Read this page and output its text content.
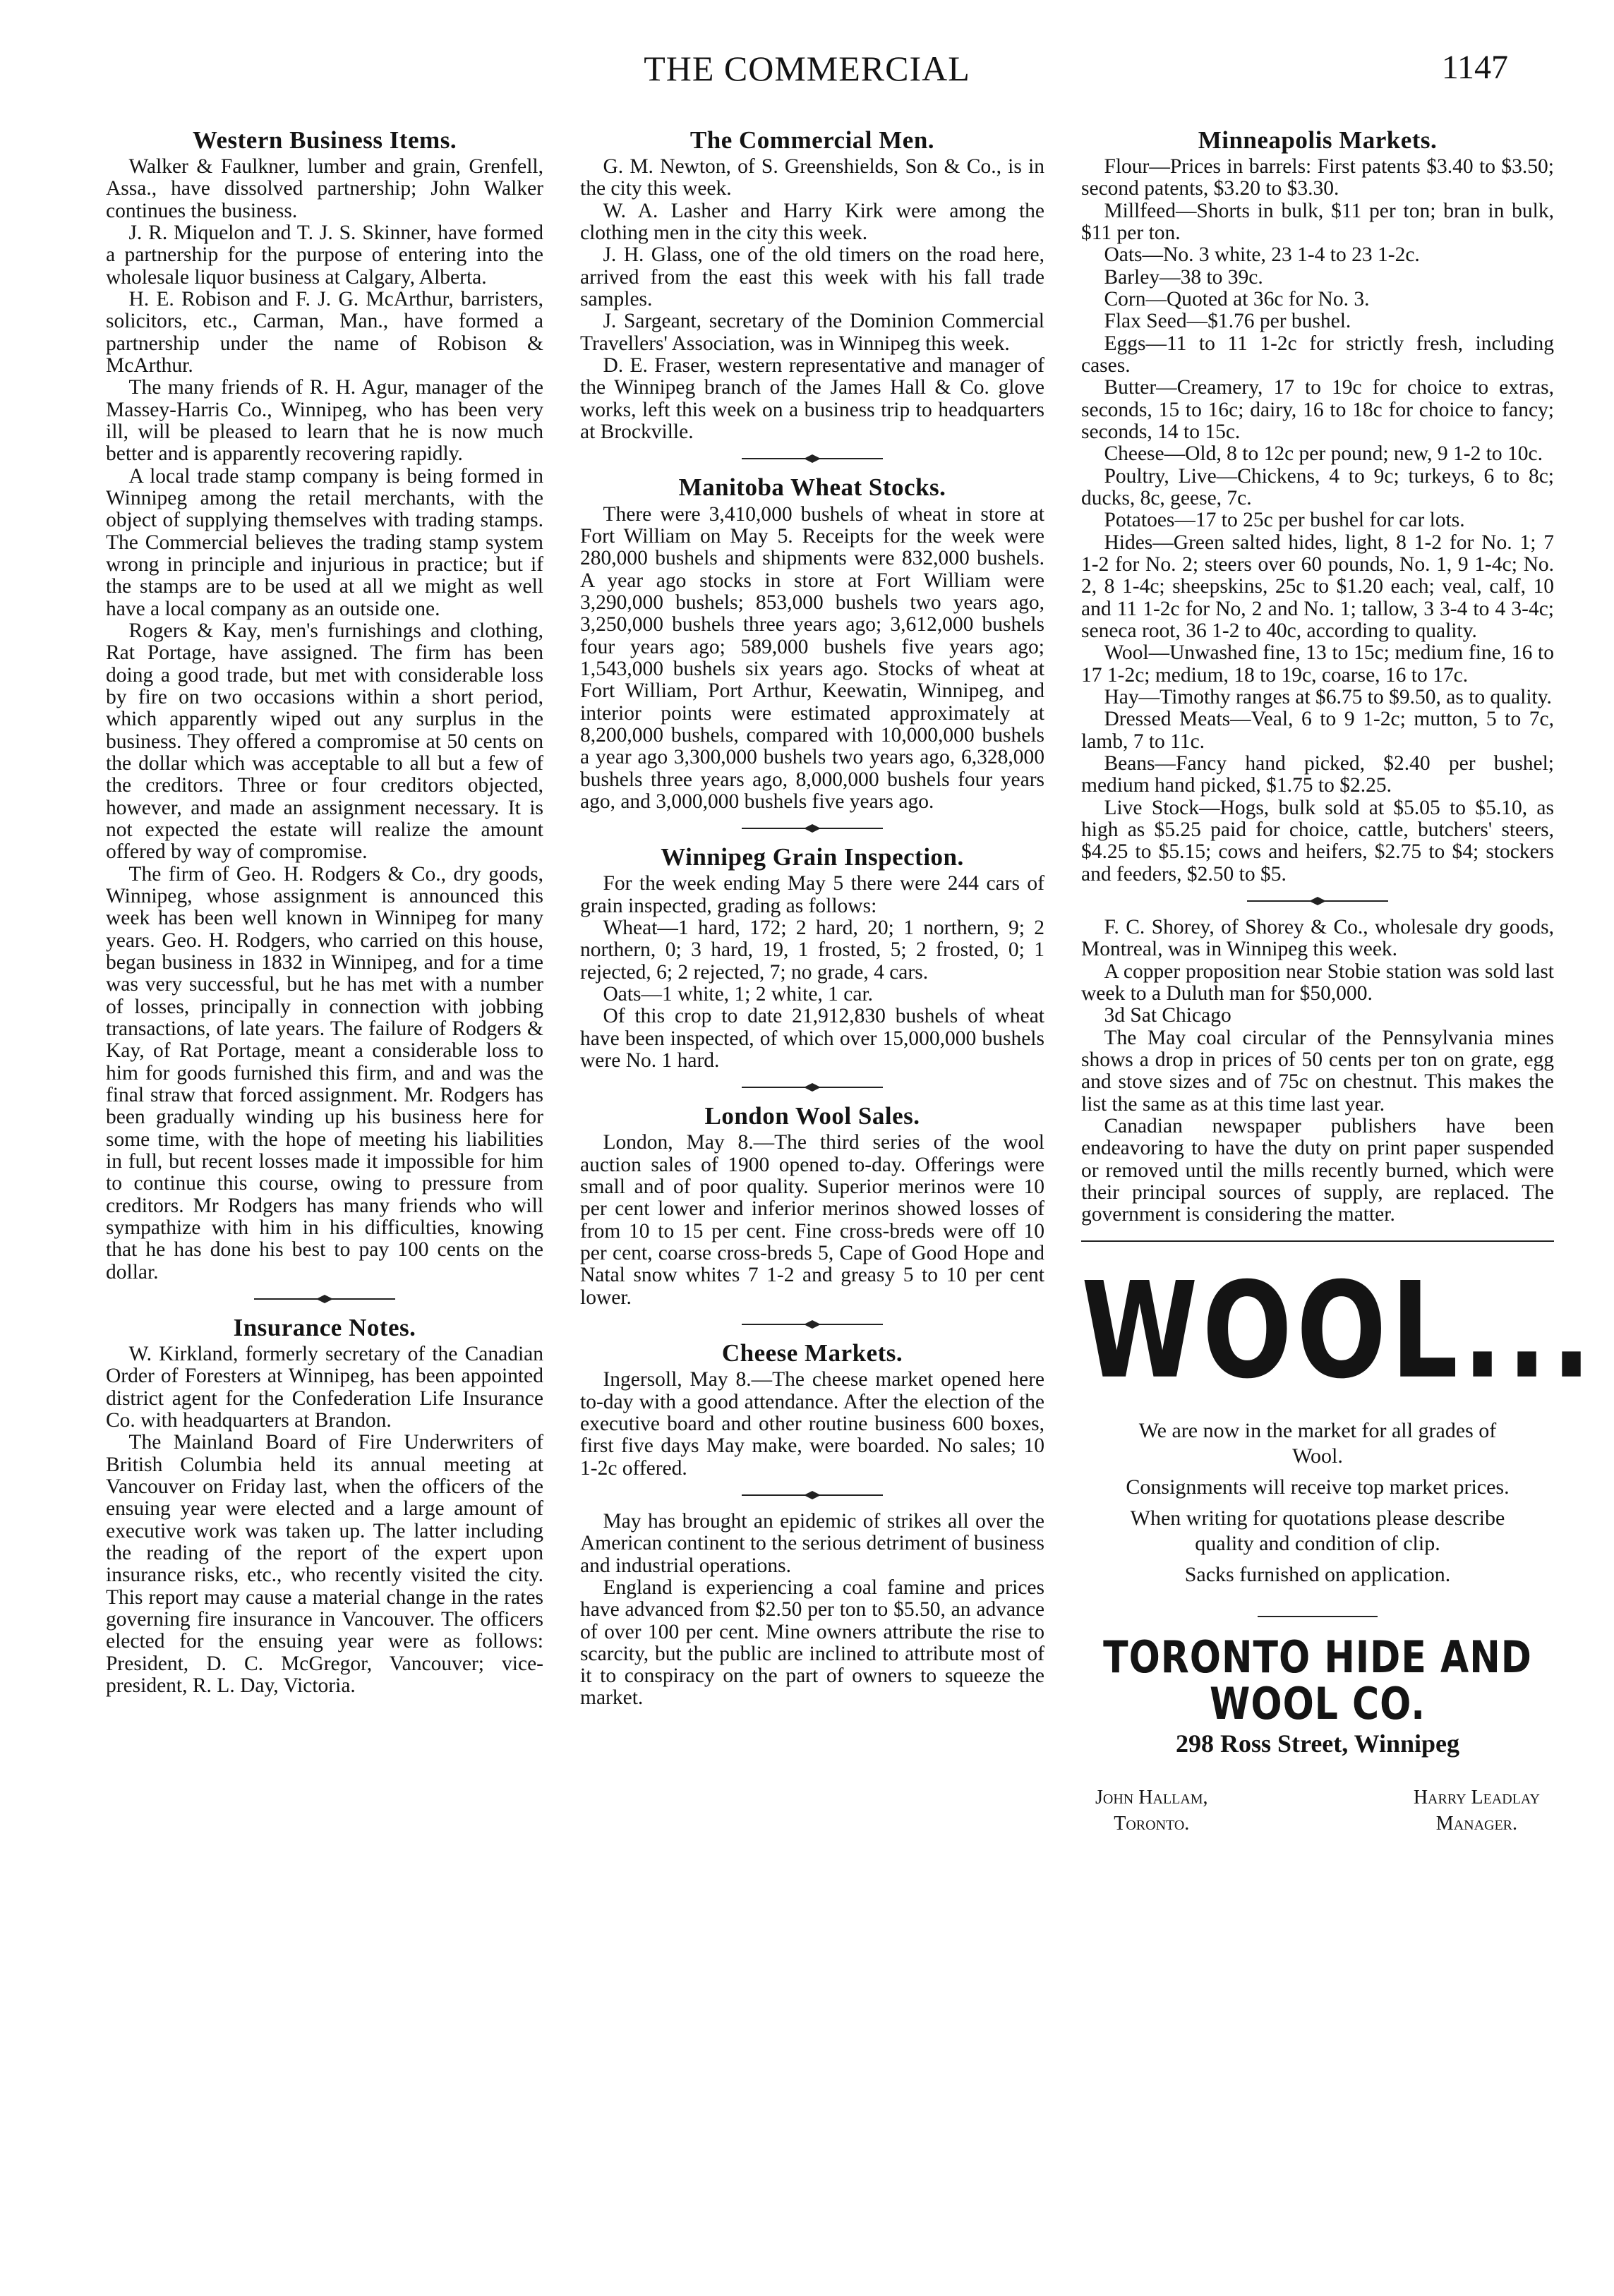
THE COMMERCIAL	1147
Western Business Items.

Walker & Faulkner, lumber and grain, Grenfell, Assa., have dissolved partnership; John Walker continues the business.

J. R. Miquelon and T. J. S. Skinner, have formed a partnership for the purpose of entering into the wholesale liquor business at Calgary, Alberta.

H. E. Robison and F. J. G. McArthur, barristers, solicitors, etc., Carman, Man., have formed a partnership under the name of Robison & McArthur.

The many friends of R. H. Agur, manager of the Massey-Harris Co., Winnipeg, who has been very ill, will be pleased to learn that he is now much better and is apparently recovering rapidly.

A local trade stamp company is being formed in Winnipeg among the retail merchants, with the object of supplying themselves with trading stamps. The Commercial believes the trading stamp system wrong in principle and injurious in practice; but if the stamps are to be used at all we might as well have a local company as an outside one.

Rogers & Kay, men's furnishings and clothing, Rat Portage, have assigned. The firm has been doing a good trade, but met with considerable loss by fire on two occasions within a short period, which apparently wiped out any surplus in the business. They offered a compromise at 50 cents on the dollar which was acceptable to all but a few of the creditors. Three or four creditors objected, however, and made an assignment necessary. It is not expected the estate will realize the amount offered by way of compromise.

The firm of Geo. H. Rodgers & Co., dry goods, Winnipeg, whose assignment is announced this week has been well known in Winnipeg for many years. Geo. H. Rodgers, who carried on this house, began business in 1832 in Winnipeg, and for a time was very successful, but he has met with a number of losses, principally in connection with jobbing transactions, of late years. The failure of Rodgers & Kay, of Rat Portage, meant a considerable loss to him for goods furnished this firm, and and was the final straw that forced assignment. Mr. Rodgers has been gradually winding up his business here for some time, with the hope of meeting his liabilities in full, but recent losses made it impossible for him to continue this course, owing to pressure from creditors. Mr Rodgers has many friends who will sympathize with him in his difficulties, knowing that he has done his best to pay 100 cents on the dollar.

Insurance Notes.

W. Kirkland, formerly secretary of the Canadian Order of Foresters at Winnipeg, has been appointed district agent for the Confederation Life Insurance Co. with headquarters at Brandon.

The Mainland Board of Fire Underwriters of British Columbia held its annual meeting at Vancouver on Friday last, when the officers of the ensuing year were elected and a large amount of executive work was taken up. The latter including the reading of the report of the expert upon insurance risks, etc., who recently visited the city. This report may cause a material change in the rates governing fire insurance in Vancouver. The officers elected for the ensuing year were as follows: President, D. C. McGregor, Vancouver; vice-president, R. L. Day, Victoria.

The Commercial Men.

G. M. Newton, of S. Greenshields, Son & Co., is in the city this week.

W. A. Lasher and Harry Kirk were among the clothing men in the city this week.

J. H. Glass, one of the old timers on the road here, arrived from the east this week with his fall trade samples.

J. Sargeant, secretary of the Dominion Commercial Travellers' Association, was in Winnipeg this week.

D. E. Fraser, western representative and manager of the Winnipeg branch of the James Hall & Co. glove works, left this week on a business trip to headquarters at Brockville.

Manitoba Wheat Stocks.

There were 3,410,000 bushels of wheat in store at Fort William on May 5. Receipts for the week were 280,000 bushels and shipments were 832,000 bushels. A year ago stocks in store at Fort William were 3,290,000 bushels; 853,000 bushels two years ago, 3,250,000 bushels three years ago; 3,612,000 bushels four years ago; 589,000 bushels five years ago; 1,543,000 bushels six years ago. Stocks of wheat at Fort William, Port Arthur, Keewatin, Winnipeg, and interior points were estimated approximately at 8,200,000 bushels, compared with 10,000,000 bushels a year ago 3,300,000 bushels two years ago, 6,328,000 bushels three years ago, 8,000,000 bushels four years ago, and 3,000,000 bushels five years ago.

Winnipeg Grain Inspection.

For the week ending May 5 there were 244 cars of grain inspected, grading as follows:

Wheat—1 hard, 172; 2 hard, 20; 1 northern, 9; 2 northern, 0; 3 hard, 19, 1 frosted, 5; 2 frosted, 0; 1 rejected, 6; 2 rejected, 7; no grade, 4 cars.

Oats—1 white, 1; 2 white, 1 car.

Of this crop to date 21,912,830 bushels of wheat have been inspected, of which over 15,000,000 bushels were No. 1 hard.

London Wool Sales.

London, May 8.—The third series of the wool auction sales of 1900 opened to-day. Offerings were small and of poor quality. Superior merinos were 10 per cent lower and inferior merinos showed losses of from 10 to 15 per cent. Fine cross-breds were off 10 per cent, coarse cross-breds 5, Cape of Good Hope and Natal snow whites 7 1-2 and greasy 5 to 10 per cent lower.

Cheese Markets.

Ingersoll, May 8.—The cheese market opened here to-day with a good attendance. After the election of the executive board and other routine business 600 boxes, first five days May make, were boarded. No sales; 10 1-2c offered.

May has brought an epidemic of strikes all over the American continent to the serious detriment of business and industrial operations.

England is experiencing a coal famine and prices have advanced from $2.50 per ton to $5.50, an advance of over 100 per cent. Mine owners attribute the rise to scarcity, but the public are inclined to attribute most of it to conspiracy on the part of owners to squeeze the market.

Minneapolis Markets.

Flour—Prices in barrels: First patents $3.40 to $3.50; second patents, $3.20 to $3.30.

Millfeed—Shorts in bulk, $11 per ton; bran in bulk, $11 per ton.

Oats—No. 3 white, 23 1-4 to 23 1-2c.

Barley—38 to 39c.

Corn—Quoted at 36c for No. 3.

Flax Seed—$1.76 per bushel.

Eggs—11 to 11 1-2c for strictly fresh, including cases.

Butter—Creamery, 17 to 19c for choice to extras, seconds, 15 to 16c; dairy, 16 to 18c for choice to fancy; seconds, 14 to 15c.

Cheese—Old, 8 to 12c per pound; new, 9 1-2 to 10c.

Poultry, Live—Chickens, 4 to 9c; turkeys, 6 to 8c; ducks, 8c, geese, 7c.

Potatoes—17 to 25c per bushel for car lots.

Hides—Green salted hides, light, 8 1-2 for No. 1; 7 1-2 for No. 2; steers over 60 pounds, No. 1, 9 1-4c; No. 2, 8 1-4c; sheepskins, 25c to $1.20 each; veal, calf, 10 and 11 1-2c for No, 2 and No. 1; tallow, 3 3-4 to 4 3-4c; seneca root, 36 1-2 to 40c, according to quality.

Wool—Unwashed fine, 13 to 15c; medium fine, 16 to 17 1-2c; medium, 18 to 19c, coarse, 16 to 17c.

Hay—Timothy ranges at $6.75 to $9.50, as to quality.

Dressed Meats—Veal, 6 to 9 1-2c; mutton, 5 to 7c, lamb, 7 to 11c.

Beans—Fancy hand picked, $2.40 per bushel; medium hand picked, $1.75 to $2.25.

Live Stock—Hogs, bulk sold at $5.05 to $5.10, as high as $5.25 paid for choice, cattle, butchers' steers, $4.25 to $5.15; cows and heifers, $2.75 to $4; stockers and feeders, $2.50 to $5.

F. C. Shorey, of Shorey & Co., wholesale dry goods, Montreal, was in Winnipeg this week.

A copper proposition near Stobie station was sold last week to a Duluth man for $50,000.

3d Sat Chicago

The May coal circular of the Pennsylvania mines shows a drop in prices of 50 cents per ton on grate, egg and stove sizes and of 75c on chestnut. This makes the list the same as at this time last year.

Canadian newspaper publishers have been endeavoring to have the duty on print paper suspended or removed until the mills recently burned, which were their principal sources of supply, are replaced. The government is considering the matter.

WOOL...

We are now in the market for all grades of Wool.

Consignments will receive top market prices.

When writing for quotations please describe quality and condition of clip.

Sacks furnished on application.

TORONTO HIDE AND WOOL CO.
298 Ross Street, Winnipeg
John Hallam,
Toronto.
Harry Leadlay
Manager.
